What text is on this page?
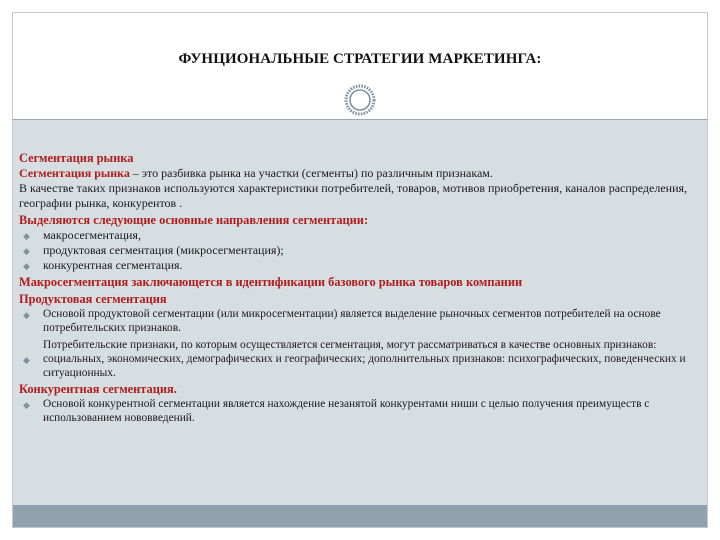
ФУНЦИОНАЛЬНЫЕ СТРАТЕГИИ МАРКЕТИНГА:

Сегментация рынка

Сегментация рынка – это разбивка рынка на участки (сегменты) по различным признакам.

В качестве таких признаков используются характеристики потребителей, товаров, мотивов приобретения, каналов распределения, географии рынка, конкурентов .

Выделяются следующие основные направления сегментации:

◆ макросегментация,
◆ продуктовая сегментация (микросегментация);
◆ конкурентная сегментация.

Макросегментация заключающется в идентификации базового рынка товаров компании

Продуктовая сегментация

◆ Основой продуктовой сегментации (или микросегментации) является выделение рыночных сегментов потребителей на основе потребительских признаков.

Потребительские признаки, по которым осуществляется сегментация, могут рассматриваться в качестве основных признаков:

◆ социальных, экономических, демографических и географических; дополнительных признаков: психографических, поведенческих и ситуационных.

Конкурентная сегментация.

◆ Основой конкурентной сегментации является нахождение незанятой конкурентами ниши с целью получения преимуществ с использованием нововведений.
